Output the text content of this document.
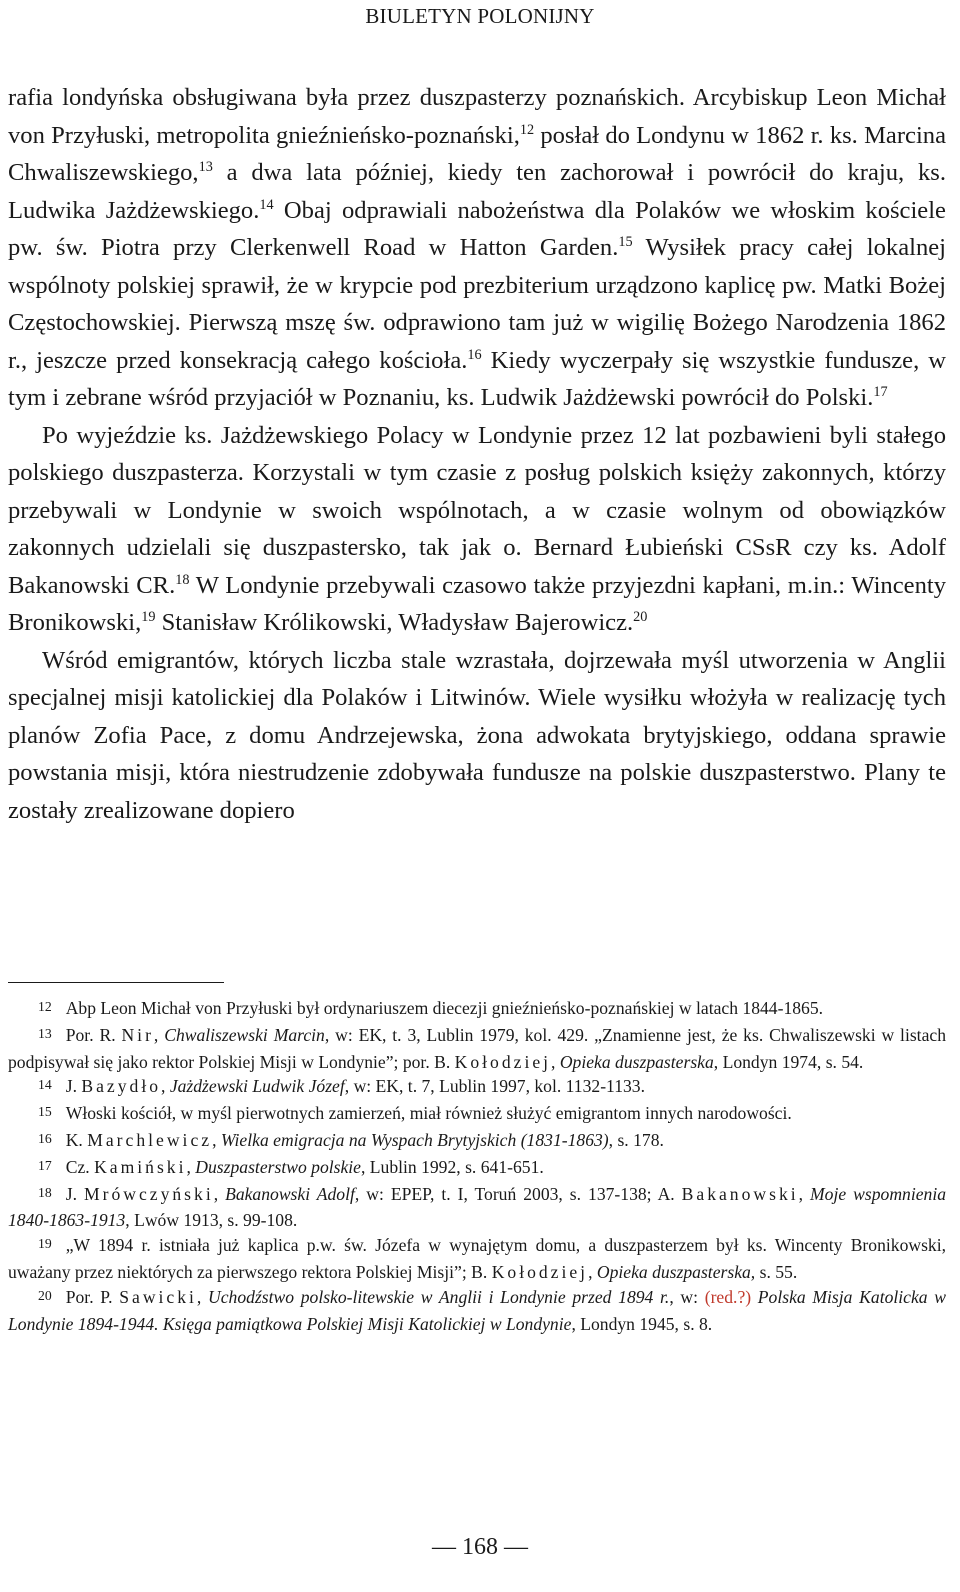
BIULETYN POLONIJNY

rafia londyńska obsługiwana była przez duszpasterzy poznańskich. Arcybiskup Leon Michał von Przyłuski, metropolita gnieźnieńsko-poznański,$^{12}$ posłał do Londynu w 1862 r. ks. Marcina Chwaliszewskiego,$^{13}$ a dwa lata później, kiedy ten zachorował i powrócił do kraju, ks. Ludwika Jażdżewskiego.$^{14}$ Obaj odprawiali nabożeństwa dla Polaków we włoskim kościele pw. św. Piotra przy Clerkenwell Road w Hatton Garden.$^{15}$ Wysiłek pracy całej lokalnej wspólnoty polskiej sprawił, że w krypcie pod prezbiterium urządzono kaplicę pw. Matki Bożej Częstochowskiej. Pierwszą mszę św. odprawiono tam już w wigilię Bożego Narodzenia 1862 r., jeszcze przed konsekracją całego kościoła.$^{16}$ Kiedy wyczerpały się wszystkie fundusze, w tym i zebrane wśród przyjaciół w Poznaniu, ks. Ludwik Jażdżewski powrócił do Polski.$^{17}$

Po wyjeździe ks. Jażdżewskiego Polacy w Londynie przez 12 lat pozbawieni byli stałego polskiego duszpasterza. Korzystali w tym czasie z posług polskich księży zakonnych, którzy przebywali w Londynie w swoich wspólnotach, a w czasie wolnym od obowiązków zakonnych udzielali się duszpastersko, tak jak o. Bernard Łubieński CSsR czy ks. Adolf Bakanowski CR.$^{18}$ W Londynie przebywali czasowo także przyjezdni kapłani, m.in.: Wincenty Bronikowski,$^{19}$ Stanisław Królikowski, Władysław Bajerowicz.$^{20}$

Wśród emigrantów, których liczba stale wzrastała, dojrzewała myśl utworzenia w Anglii specjalnej misji katolickiej dla Polaków i Litwinów. Wiele wysiłku włożyła w realizację tych planów Zofia Pace, z domu Andrzejewska, żona adwokata brytyjskiego, oddana sprawie powstania misji, która niestrudzenie zdobywała fundusze na polskie duszpasterstwo. Plany te zostały zrealizowane dopiero

12 Abp Leon Michał von Przyłuski był ordynariuszem diecezji gnieźnieńsko-poznańskiej w latach 1844-1865.

13 Por. R. Nir, Chwaliszewski Marcin, w: EK, t. 3, Lublin 1979, kol. 429. „Znamienne jest, że ks. Chwaliszewski w listach podpisywał się jako rektor Polskiej Misji w Londynie”; por. B. Kołodziej, Opieka duszpasterska, Londyn 1974, s. 54.

14 J. Bazydło, Jażdżewski Ludwik Józef, w: EK, t. 7, Lublin 1997, kol. 1132-1133.

15 Włoski kościół, w myśl pierwotnych zamierzeń, miał również służyć emigrantom innych narodowości.

16 K. Marchlewicz, Wielka emigracja na Wyspach Brytyjskich (1831-1863), s. 178.

17 Cz. Kamiński, Duszpasterstwo polskie, Lublin 1992, s. 641-651.

18 J. Mrówczyński, Bakanowski Adolf, w: EPEP, t. I, Toruń 2003, s. 137-138; A. Bakanowski, Moje wspomnienia 1840-1863-1913, Lwów 1913, s. 99-108.

19 „W 1894 r. istniała już kaplica p.w. św. Józefa w wynajętym domu, a duszpasterzem był ks. Wincenty Bronikowski, uważany przez niektórych za pierwszego rektora Polskiej Misji”; B. Kołodziej, Opieka duszpasterska, s. 55.

20 Por. P. Sawicki, Uchodźstwo polsko-litewskie w Anglii i Londynie przed 1894 r., w: (red.?) Polska Misja Katolicka w Londynie 1894-1944. Księga pamiątkowa Polskiej Misji Katolickiej w Londynie, Londyn 1945, s. 8.

— 168 —
